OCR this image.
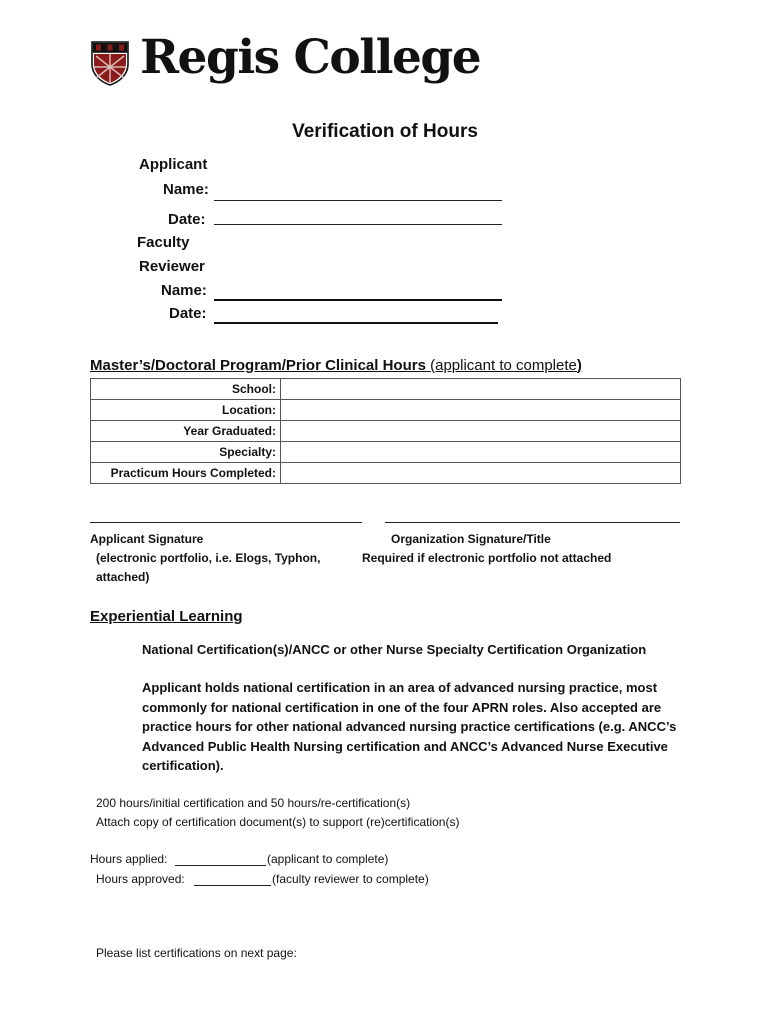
Regis College
Verification of Hours
Applicant
Name:
Date:
Faculty
Reviewer
Name:
Date:
Master’s/Doctoral Program/Prior Clinical Hours (applicant to complete)
School:	
Location:	
Year Graduated:	
Specialty:	
Practicum Hours Completed:	
Applicant Signature
(electronic portfolio, i.e. Elogs, Typhon, attached)
Organization Signature/Title
Required if electronic portfolio not attached
Experiential Learning
National Certification(s)/ANCC or other Nurse Specialty Certification Organization
Applicant holds national certification in an area of advanced nursing practice, most commonly for national certification in one of the four APRN roles. Also accepted are practice hours for other national advanced nursing practice certifications (e.g. ANCC’s Advanced Public Health Nursing certification and ANCC’s Advanced Nurse Executive certification).
200 hours/initial certification and 50 hours/re-certification(s)
Attach copy of certification document(s) to support (re)certification(s)
Hours applied:	(applicant to complete)
Hours approved:	(faculty reviewer to complete)
Please list certifications on next page:
